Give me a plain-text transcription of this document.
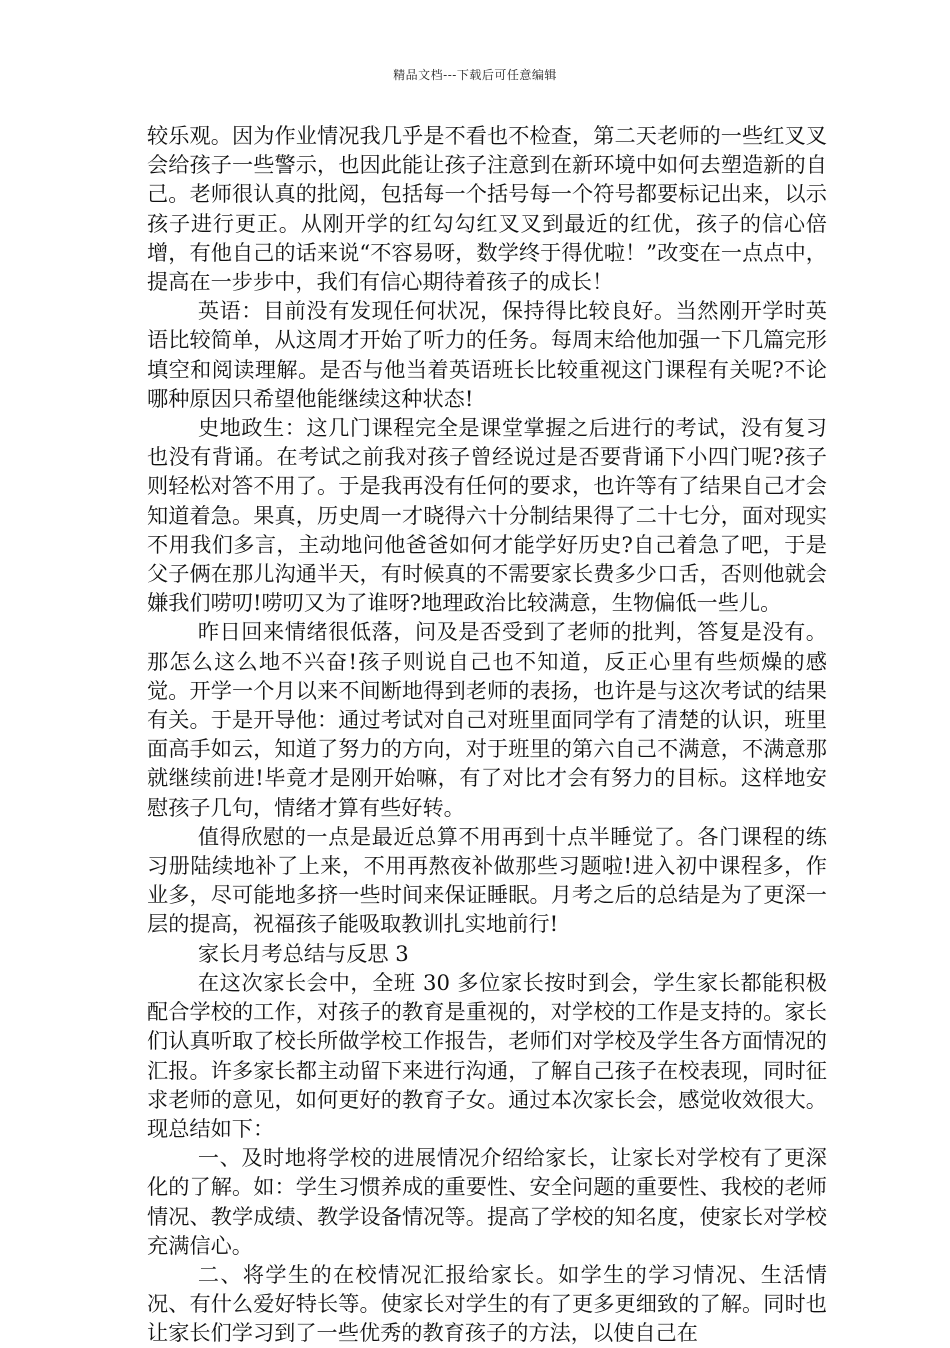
精品文档---下载后可任意编辑

较乐观。因为作业情况我几乎是不看也不检查，第二天老师的一些红叉叉会给孩子一些警示，也因此能让孩子注意到在新环境中如何去塑造新的自己。老师很认真的批阅，包括每一个括号每一个符号都要标记出来，以示孩子进行更正。从刚开学的红勾勾红叉叉到最近的红优，孩子的信心倍增，有他自己的话来说“不容易呀，数学终于得优啦！”改变在一点点中，提高在一步步中，我们有信心期待着孩子的成长！

英语：目前没有发现任何状况，保持得比较良好。当然刚开学时英语比较简单，从这周才开始了听力的任务。每周末给他加强一下几篇完形填空和阅读理解。是否与他当着英语班长比较重视这门课程有关呢?不论哪种原因只希望他能继续这种状态!

史地政生：这几门课程完全是课堂掌握之后进行的考试，没有复习也没有背诵。在考试之前我对孩子曾经说过是否要背诵下小四门呢?孩子则轻松对答不用了。于是我再没有任何的要求，也许等有了结果自己才会知道着急。果真，历史周一才晓得六十分制结果得了二十七分，面对现实不用我们多言，主动地问他爸爸如何才能学好历史?自己着急了吧，于是父子俩在那儿沟通半天，有时候真的不需要家长费多少口舌，否则他就会嫌我们唠叨!唠叨又为了谁呀?地理政治比较满意，生物偏低一些儿。

昨日回来情绪很低落，问及是否受到了老师的批判，答复是没有。那怎么这么地不兴奋!孩子则说自己也不知道，反正心里有些烦燥的感觉。开学一个月以来不间断地得到老师的表扬，也许是与这次考试的结果有关。于是开导他：通过考试对自己对班里面同学有了清楚的认识，班里面高手如云，知道了努力的方向，对于班里的第六自己不满意，不满意那就继续前进!毕竟才是刚开始嘛，有了对比才会有努力的目标。这样地安慰孩子几句，情绪才算有些好转。

值得欣慰的一点是最近总算不用再到十点半睡觉了。各门课程的练习册陆续地补了上来，不用再熬夜补做那些习题啦!进入初中课程多，作业多，尽可能地多挤一些时间来保证睡眠。月考之后的总结是为了更深一层的提高，祝福孩子能吸取教训扎实地前行!

家长月考总结与反思 3

在这次家长会中，全班 30 多位家长按时到会，学生家长都能积极配合学校的工作，对孩子的教育是重视的，对学校的工作是支持的。家长们认真听取了校长所做学校工作报告，老师们对学校及学生各方面情况的汇报。许多家长都主动留下来进行沟通，了解自己孩子在校表现，同时征求老师的意见，如何更好的教育子女。通过本次家长会，感觉收效很大。现总结如下：

一、及时地将学校的进展情况介绍给家长，让家长对学校有了更深化的了解。如：学生习惯养成的重要性、安全问题的重要性、我校的老师情况、教学成绩、教学设备情况等。提高了学校的知名度，使家长对学校充满信心。

二、将学生的在校情况汇报给家长。如学生的学习情况、生活情况、有什么爱好特长等。使家长对学生的有了更多更细致的了解。同时也让家长们学习到了一些优秀的教育孩子的方法，以使自己在
